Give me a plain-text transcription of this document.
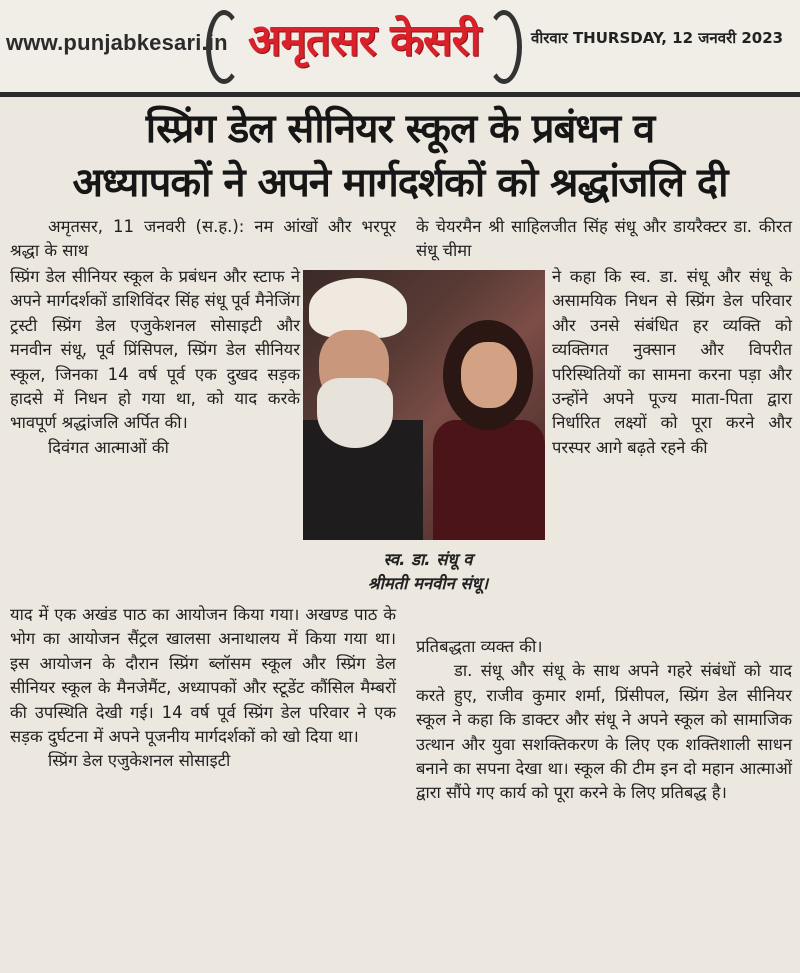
www.punjabkesari.in अमृतसर केसरी	वीरवार THURSDAY, 12 जनवरी 2023
स्प्रिंग डेल सीनियर स्कूल के प्रबंधन व
अध्यापकों ने अपने मार्गदर्शकों को श्रद्धांजलि दी

अमृतसर, 11 जनवरी (स.ह.): नम आंखों और भरपूर श्रद्धा के साथ

स्प्रिंग डेल सीनियर स्कूल के प्रबंधन और स्टाफ ने अपने मार्गदर्शकों डाशिविंदर सिंह संधू पूर्व मैनेजिंग ट्रस्टी स्प्रिंग डेल एजुकेशनल सोसाइटी और मनवीन संधू, पूर्व प्रिंसिपल, स्प्रिंग डेल सीनियर स्कूल, जिनका 14 वर्ष पूर्व एक दुखद सड़क हादसे में निधन हो गया था, को याद करके भावपूर्ण श्रद्धांजलि अर्पित की।

दिवंगत आत्माओं की

याद में एक अखंड पाठ का आयोजन किया गया। अखण्ड पाठ के भोग का आयोजन सैंट्रल खालसा अनाथालय में किया गया था। इस आयोजन के दौरान स्प्रिंग ब्लॉसम स्कूल और स्प्रिंग डेल सीनियर स्कूल के मैनजेमैंट, अध्यापकों और स्टूडेंट कौंसिल मैम्बरों की उपस्थिति देखी गई। 14 वर्ष पूर्व स्प्रिंग डेल परिवार ने एक सड़क दुर्घटना में अपने पूजनीय मार्गदर्शकों को खो दिया था।

स्प्रिंग डेल एजुकेशनल सोसाइटी

के चेयरमैन श्री साहिलजीत सिंह संधू और डायरैक्टर डा. कीरत संधू चीमा

ने कहा कि स्व. डा. संधू और संधू के असामयिक निधन से स्प्रिंग डेल परिवार और उनसे संबंधित हर व्यक्ति को व्यक्तिगत नुक्सान और विपरीत परिस्थितियों का सामना करना पड़ा और उन्होंने अपने पूज्य माता-पिता द्वारा निर्धारित लक्ष्यों को पूरा करने और परस्पर आगे बढ़ते रहने की

प्रतिबद्धता व्यक्त की।

डा. संधू और संधू के साथ अपने गहरे संबंधों को याद करते हुए, राजीव कुमार शर्मा, प्रिंसीपल, स्प्रिंग डेल सीनियर स्कूल ने कहा कि डाक्टर और संधू ने अपने स्कूल को सामाजिक उत्थान और युवा सशक्तिकरण के लिए एक शक्तिशाली साधन बनाने का सपना देखा था। स्कूल की टीम इन दो महान आत्माओं द्वारा सौंपे गए कार्य को पूरा करने के लिए प्रतिबद्ध है।

स्व. डा. संधू व
श्रीमती मनवीन संधू।
